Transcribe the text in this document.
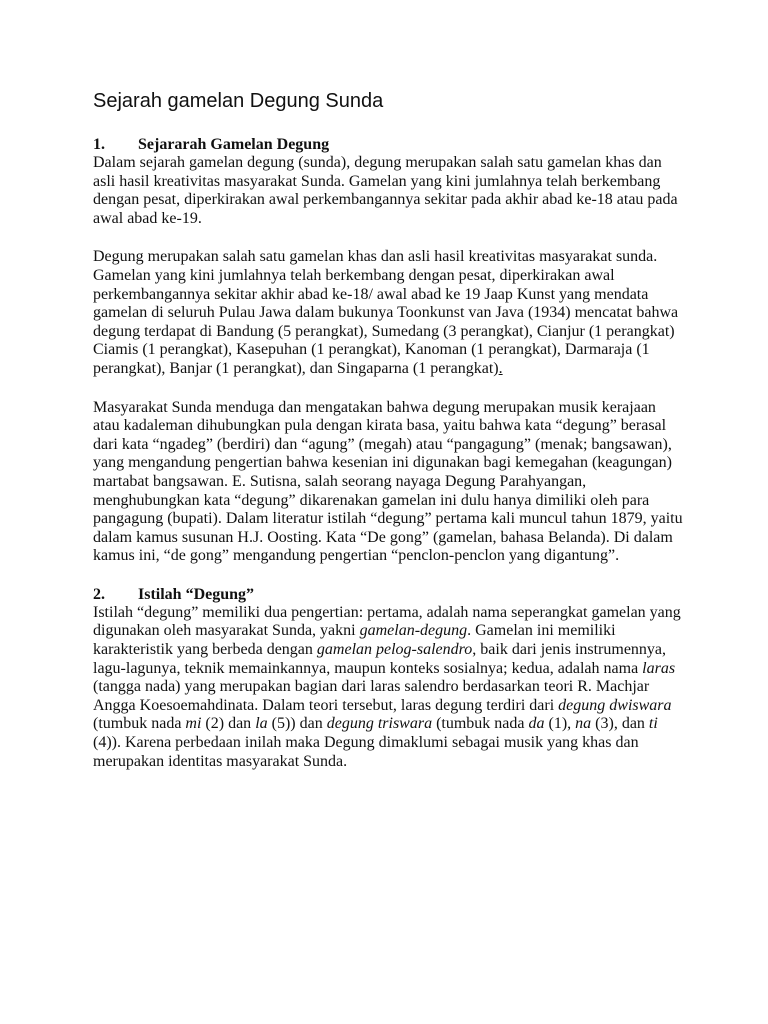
Sejarah gamelan Degung Sunda
1. Sejararah Gamelan Degung

Dalam sejarah gamelan degung (sunda), degung merupakan salah satu gamelan khas dan asli hasil kreativitas masyarakat Sunda. Gamelan yang kini jumlahnya telah berkembang dengan pesat, diperkirakan awal perkembangannya sekitar pada akhir abad ke-18 atau pada awal abad ke-19.

Degung merupakan salah satu gamelan khas dan asli hasil kreativitas masyarakat sunda. Gamelan yang kini jumlahnya telah berkembang dengan pesat, diperkirakan awal perkembangannya sekitar akhir abad ke-18/ awal abad ke 19 Jaap Kunst yang mendata gamelan di seluruh Pulau Jawa dalam bukunya Toonkunst van Java (1934) mencatat bahwa degung terdapat di Bandung (5 perangkat), Sumedang (3 perangkat), Cianjur (1 perangkat) Ciamis (1 perangkat), Kasepuhan (1 perangkat), Kanoman (1 perangkat), Darmaraja (1 perangkat), Banjar (1 perangkat), dan Singaparna (1 perangkat).

Masyarakat Sunda menduga dan mengatakan bahwa degung merupakan musik kerajaan atau kadaleman dihubungkan pula dengan kirata basa, yaitu bahwa kata “degung” berasal dari kata “ngadeg” (berdiri) dan “agung” (megah) atau “pangagung” (menak; bangsawan), yang mengandung pengertian bahwa kesenian ini digunakan bagi kemegahan (keagungan) martabat bangsawan. E. Sutisna, salah seorang nayaga Degung Parahyangan, menghubungkan kata “degung” dikarenakan gamelan ini dulu hanya dimiliki oleh para pangagung (bupati). Dalam literatur istilah “degung” pertama kali muncul tahun 1879, yaitu dalam kamus susunan H.J. Oosting. Kata “De gong” (gamelan, bahasa Belanda). Di dalam kamus ini, “de gong” mengandung pengertian “penclon-penclon yang digantung”.

2. Istilah “Degung”

Istilah “degung” memiliki dua pengertian: pertama, adalah nama seperangkat gamelan yang digunakan oleh masyarakat Sunda, yakni gamelan-degung. Gamelan ini memiliki karakteristik yang berbeda dengan gamelan pelog-salendro, baik dari jenis instrumennya, lagu-lagunya, teknik memainkannya, maupun konteks sosialnya; kedua, adalah nama laras (tangga nada) yang merupakan bagian dari laras salendro berdasarkan teori R. Machjar Angga Koesoemahdinata. Dalam teori tersebut, laras degung terdiri dari degung dwiswara (tumbuk nada mi (2) dan la (5)) dan degung triswara (tumbuk nada da (1), na (3), dan ti (4)). Karena perbedaan inilah maka Degung dimaklumi sebagai musik yang khas dan merupakan identitas masyarakat Sunda.
